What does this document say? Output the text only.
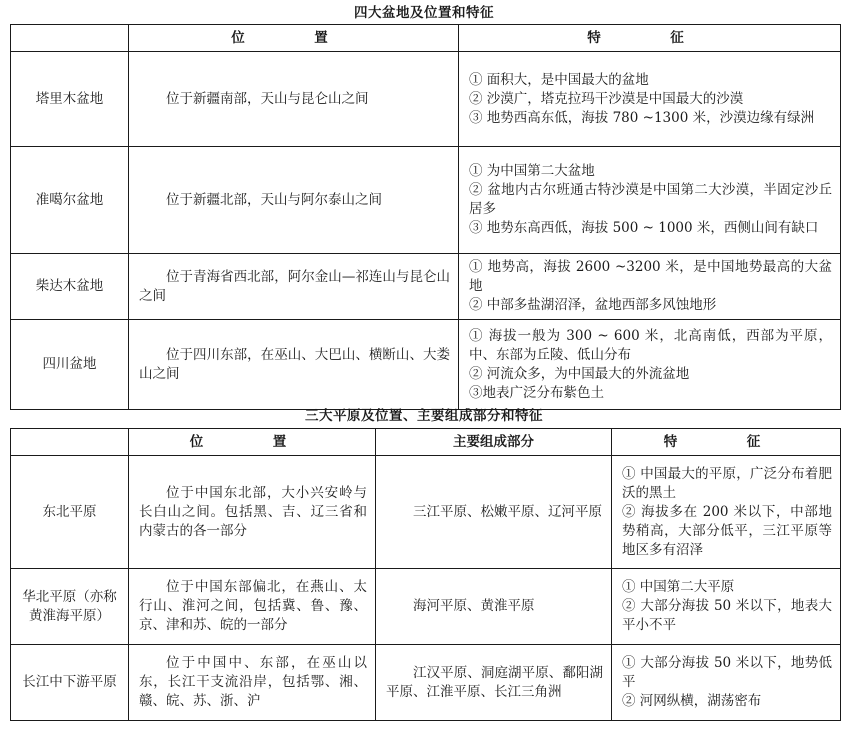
四大盆地及位置和特征
	位　置	特　征
塔里木盆地	位于新疆南部，天山与昆仑山之间	① 面积大，是中国最大的盆地

② 沙漠广，塔克拉玛干沙漠是中国最大的沙漠

③ 地势西高东低，海拔 780 ~1300 米，沙漠边缘有绿洲

准噶尔盆地	位于新疆北部，天山与阿尔泰山之间	① 为中国第二大盆地

② 盆地内古尔班通古特沙漠是中国第二大沙漠，半固定沙丘居多

③ 地势东高西低，海拔 500 ~ 1000 米，西侧山间有缺口

柴达木盆地	位于青海省西北部，阿尔金山—祁连山与昆仑山之间	① 地势高，海拔 2600 ~3200 米，是中国地势最高的大盆地

② 中部多盐湖沼泽，盆地西部多风蚀地形

四川盆地	位于四川东部，在巫山、大巴山、横断山、大娄山之间	① 海拔一般为 300 ~ 600 米，北高南低，西部为平原，中、东部为丘陵、低山分布

② 河流众多，为中国最大的外流盆地

③地表广泛分布紫色土

三大平原及位置、主要组成部分和特征
	位　置	主要组成部分	特　征
东北平原	位于中国东北部，大小兴安岭与长白山之间。包括黑、吉、辽三省和内蒙古的各一部分	三江平原、松嫩平原、辽河平原	① 中国最大的平原，广泛分布着肥沃的黑土

② 海拔多在 200 米以下，中部地势稍高，大部分低平，三江平原等地区多有沼泽

华北平原（亦称黄淮海平原）	位于中国东部偏北，在燕山、太行山、淮河之间，包括冀、鲁、豫、京、津和苏、皖的一部分	海河平原、黄淮平原	① 中国第二大平原

② 大部分海拔 50 米以下，地表大平小不平

长江中下游平原	位于中国中、东部，在巫山以东，长江干支流沿岸，包括鄂、湘、赣、皖、苏、浙、沪	江汉平原、洞庭湖平原、鄱阳湖平原、江淮平原、长江三角洲	① 大部分海拔 50 米以下，地势低平

② 河网纵横，湖荡密布
